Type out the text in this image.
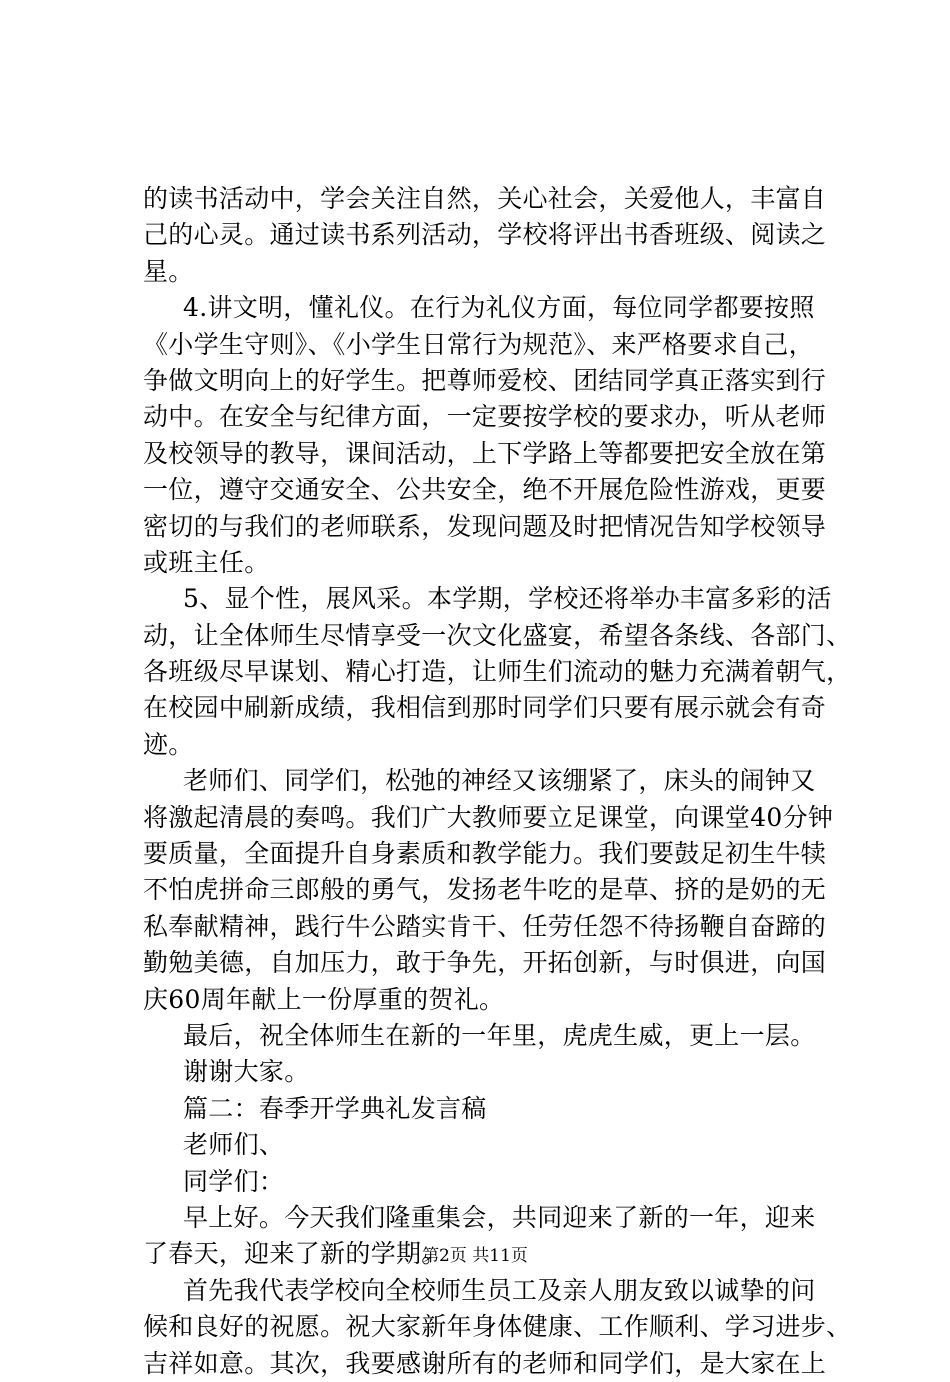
的读书活动中，学会关注自然，关心社会，关爱他人，丰富自
己的心灵。通过读书系列活动，学校将评出书香班级、阅读之
星。
4.讲文明，懂礼仪。在行为礼仪方面，每位同学都要按照
《小学生守则》、《小学生日常行为规范》、来严格要求自己，
争做文明向上的好学生。把尊师爱校、团结同学真正落实到行
动中。在安全与纪律方面，一定要按学校的要求办，听从老师
及校领导的教导，课间活动，上下学路上等都要把安全放在第
一位，遵守交通安全、公共安全，绝不开展危险性游戏，更要
密切的与我们的老师联系，发现问题及时把情况告知学校领导
或班主任。
5、显个性，展风采。本学期，学校还将举办丰富多彩的活
动，让全体师生尽情享受一次文化盛宴，希望各条线、各部门、
各班级尽早谋划、精心打造，让师生们流动的魅力充满着朝气，
在校园中刷新成绩，我相信到那时同学们只要有展示就会有奇
迹。
老师们、同学们，松弛的神经又该绷紧了，床头的闹钟又
将激起清晨的奏鸣。我们广大教师要立足课堂，向课堂40分钟
要质量，全面提升自身素质和教学能力。我们要鼓足初生牛犊
不怕虎拼命三郎般的勇气，发扬老牛吃的是草、挤的是奶的无
私奉献精神，践行牛公踏实肯干、任劳任怨不待扬鞭自奋蹄的
勤勉美德，自加压力，敢于争先，开拓创新，与时俱进，向国
庆60周年献上一份厚重的贺礼。
最后，祝全体师生在新的一年里，虎虎生威，更上一层。
谢谢大家。
篇二：春季开学典礼发言稿
老师们、
同学们：
早上好。今天我们隆重集会，共同迎来了新的一年，迎来
了春天，迎来了新的学期。
首先我代表学校向全校师生员工及亲人朋友致以诚挚的问
候和良好的祝愿。祝大家新年身体健康、工作顺利、学习进步、
吉祥如意。其次，我要感谢所有的老师和同学们，是大家在上
第2页 共11页
